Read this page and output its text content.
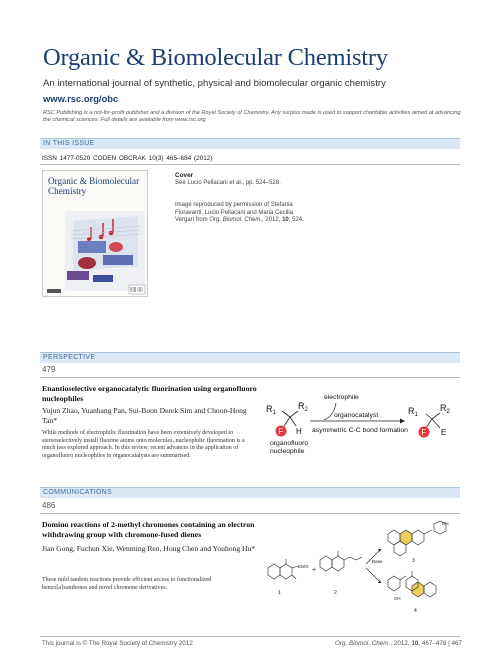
Organic & Biomolecular Chemistry
An international journal of synthetic, physical and biomolecular organic chemistry
www.rsc.org/obc
RSC Publishing is a not-for-profit publisher and a division of the Royal Society of Chemistry. Any surplus made is used to support charitable activities aimed at advancing the chemical sciences. Full details are available from www.rsc.org
IN THIS ISSUE
ISSN 1477-0520 CODEN OBCRAK 10(3) 465–684 (2012)
Organic & Biomolecular Chemistry
Cover
See Lucio Pellacani et al., pp. 524–528.
Image reproduced by permission of Stefania Fioravanti, Lucio Pellacani and Maria Cecilia Vergari from Org. Biomol. Chem., 2012, 10, 524.
PERSPECTIVE
479
Enantioselective organocatalytic fluorination using organofluoro nucleophiles
Yujun Zhao, Yuanhang Pan, Sui-Boon Derek Sim and Choon-Hong Tan*
While methods of electrophilic fluorination have been extensively developed to stereoselectively install fluorine atoms onto molecules, nucleophilic fluorination is a much less explored approach. In this review, recent advances in the application of organofluoro nucleophiles in organocatalysis are summarised.
$R_1$
$R_2$
F H
organofluoro
nucleophile
electrophile
organocatalyst
asymmetric C-C bond formation
$R_1$
$R_2$
F E
COMMUNICATIONS
486
Domino reactions of 2-methyl chromones containing an electron withdrawing group with chromone-fused dienes
Jian Gong, Fuchun Xie, Wenming Ren, Hong Chen and Youhong Hu*
These mild tandem reactions provide efficient access to functionalized benzo[a]xanthones and novel chromone derivatives.
EWG
1
+
2
Base
OH
3
OH
4
This journal is © The Royal Society of Chemistry 2012	Org. Biomol. Chem., 2012, 10, 467–478 | 467
